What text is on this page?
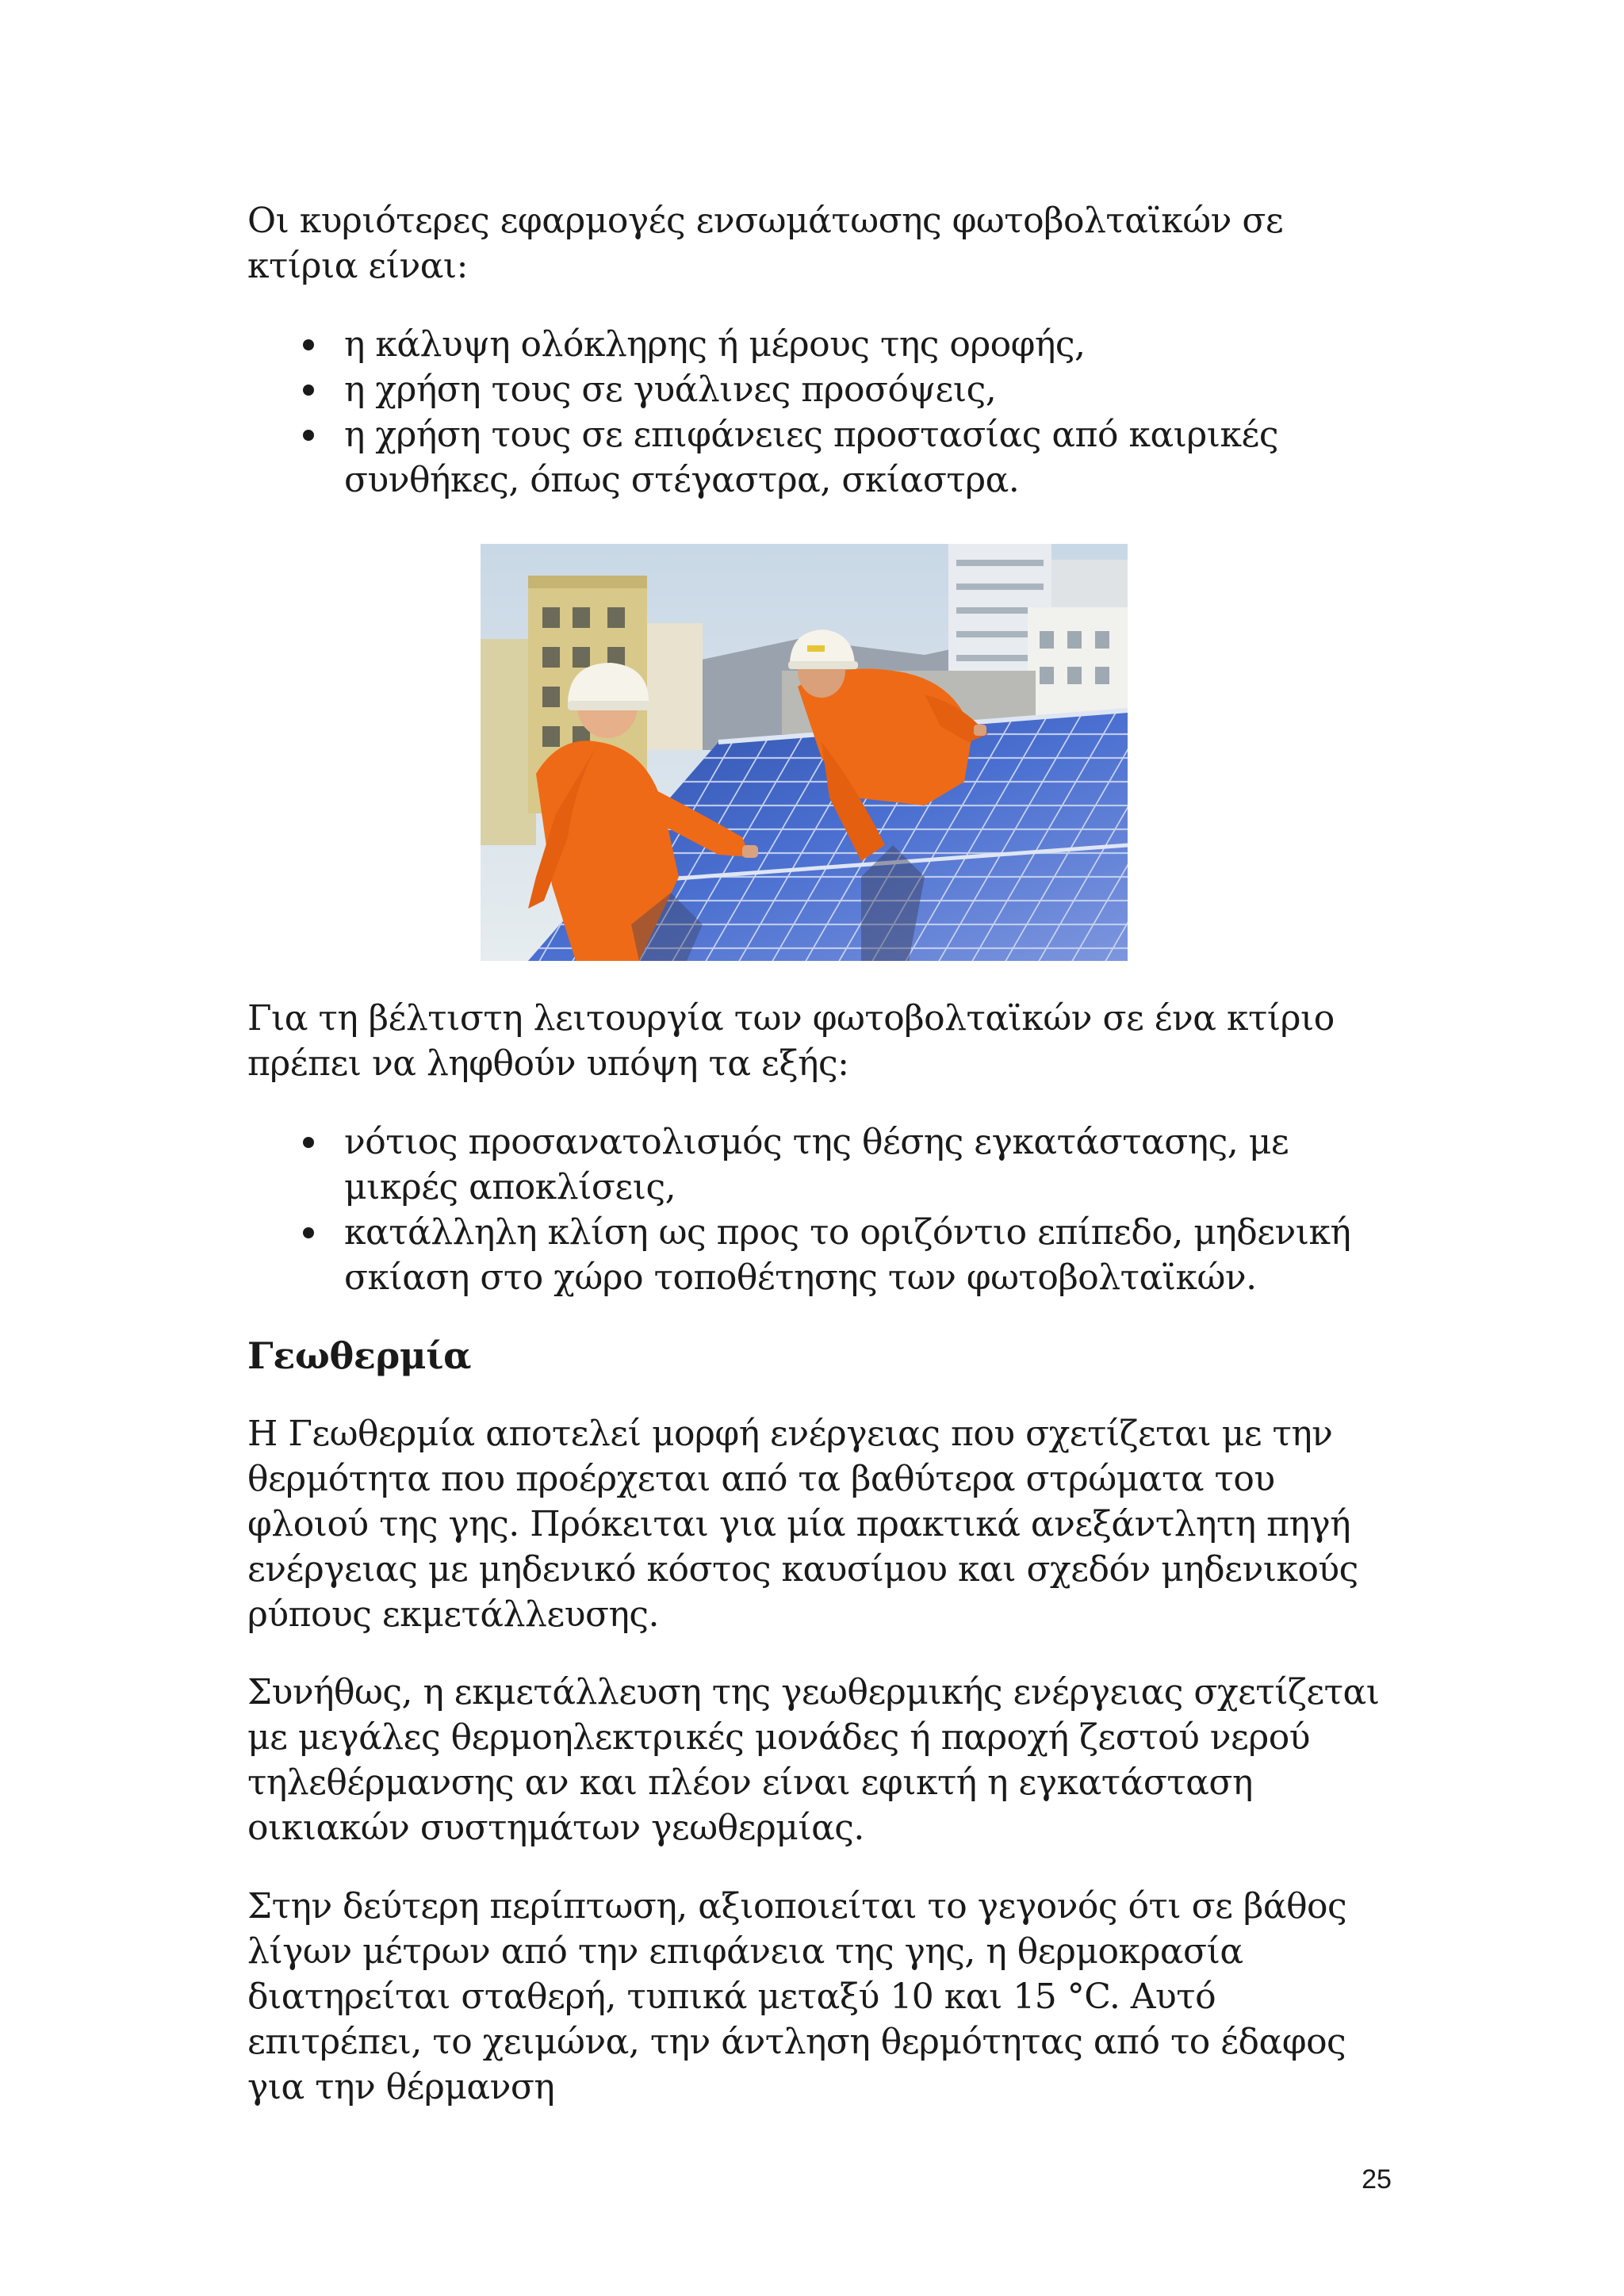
Οι κυριότερες εφαρμογές ενσωμάτωσης φωτοβολταϊκών σε κτίρια είναι:

η κάλυψη ολόκληρης ή μέρους της οροφής,
η χρήση τους σε γυάλινες προσόψεις,
η χρήση τους σε επιφάνειες προστασίας από καιρικές συνθήκες, όπως στέγαστρα, σκίαστρα.

Για τη βέλτιστη λειτουργία των φωτοβολταϊκών σε ένα κτίριο πρέπει να ληφθούν υπόψη τα εξής:

νότιος προσανατολισμός της θέσης εγκατάστασης, με μικρές αποκλίσεις,
κατάλληλη κλίση ως προς το οριζόντιο επίπεδο, μηδενική σκίαση στο χώρο τοποθέτησης των φωτοβολταϊκών.
Γεωθερμία

Η Γεωθερμία αποτελεί μορφή ενέργειας που σχετίζεται με την θερμότητα που προέρχεται από τα βαθύτερα στρώματα του φλοιού της γης. Πρόκειται για μία πρακτικά ανεξάντλητη πηγή ενέργειας με μηδενικό κόστος καυσίμου και σχεδόν μηδενικούς ρύπους εκμετάλλευσης.

Συνήθως, η εκμετάλλευση της γεωθερμικής ενέργειας σχετίζεται με μεγάλες θερμοηλεκτρικές μονάδες ή παροχή ζεστού νερού τηλεθέρμανσης αν και πλέον είναι εφικτή η εγκατάσταση οικιακών συστημάτων γεωθερμίας.

Στην δεύτερη περίπτωση, αξιοποιείται το γεγονός ότι σε βάθος λίγων μέτρων από την επιφάνεια της γης, η θερμοκρασία διατηρείται σταθερή, τυπικά μεταξύ 10 και 15 °C. Αυτό επιτρέπει, το χειμώνα, την άντληση θερμότητας από το έδαφος για την θέρμανση

25
